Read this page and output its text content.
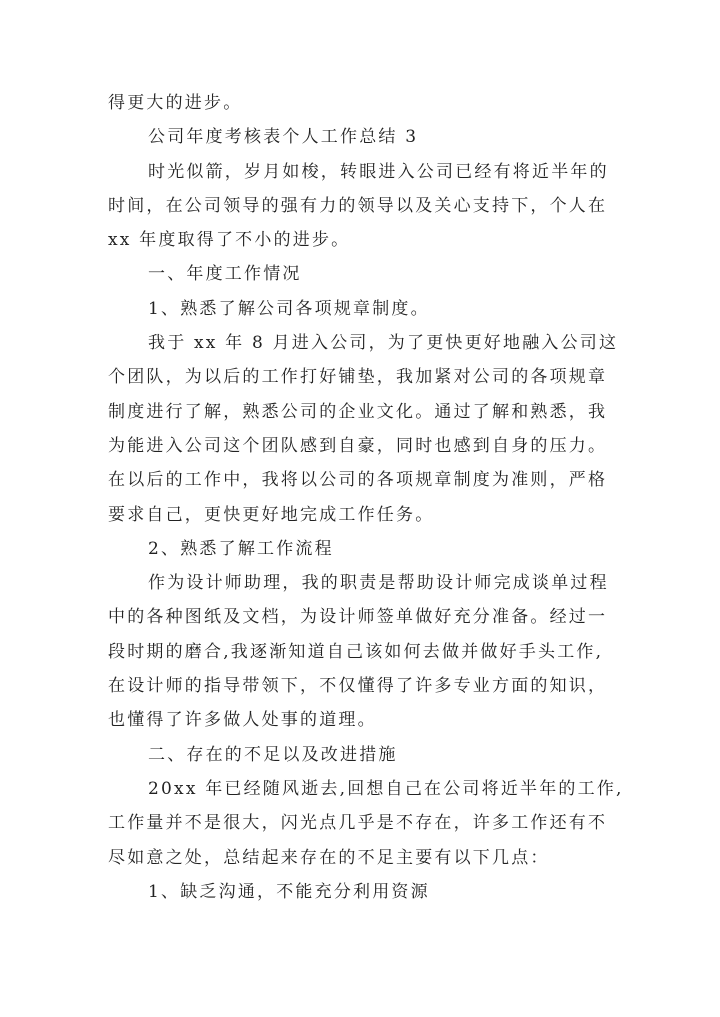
得更大的进步。
公司年度考核表个人工作总结 3
时光似箭，岁月如梭，转眼进入公司已经有将近半年的
时间，在公司领导的强有力的领导以及关心支持下，个人在
xx 年度取得了不小的进步。
一、年度工作情况
1、熟悉了解公司各项规章制度。
我于 xx 年 8 月进入公司，为了更快更好地融入公司这
个团队，为以后的工作打好铺垫，我加紧对公司的各项规章
制度进行了解，熟悉公司的企业文化。通过了解和熟悉，我
为能进入公司这个团队感到自豪，同时也感到自身的压力。
在以后的工作中，我将以公司的各项规章制度为准则，严格
要求自己，更快更好地完成工作任务。
2、熟悉了解工作流程
作为设计师助理，我的职责是帮助设计师完成谈单过程
中的各种图纸及文档，为设计师签单做好充分准备。经过一
段时期的磨合,我逐渐知道自己该如何去做并做好手头工作,
在设计师的指导带领下，不仅懂得了许多专业方面的知识，
也懂得了许多做人处事的道理。
二、存在的不足以及改进措施
20xx 年已经随风逝去,回想自己在公司将近半年的工作,
工作量并不是很大，闪光点几乎是不存在，许多工作还有不
尽如意之处，总结起来存在的不足主要有以下几点：
1、缺乏沟通，不能充分利用资源
